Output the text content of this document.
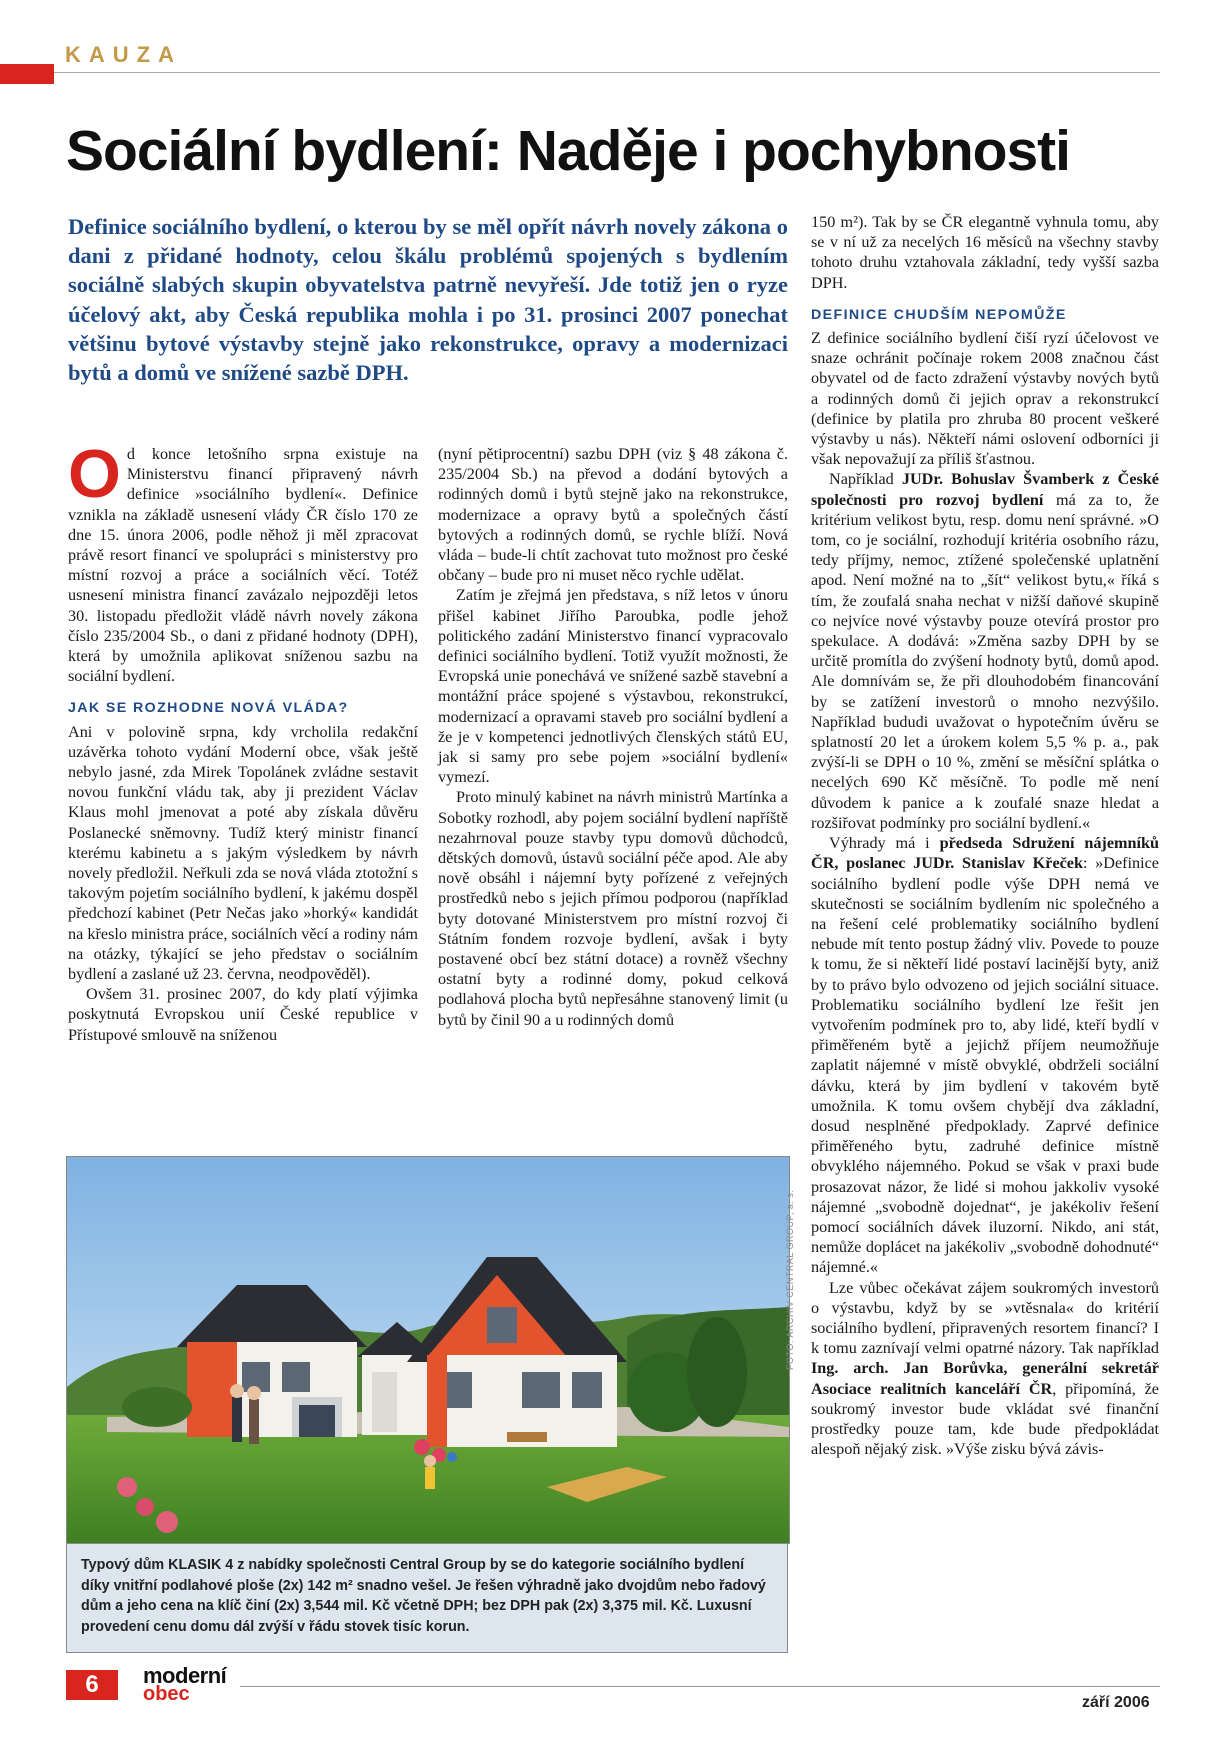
KAUZA
Sociální bydlení: Naděje i pochybnosti
Definice sociálního bydlení, o kterou by se měl opřít návrh novely zákona o dani z přidané hodnoty, celou škálu problémů spojených s bydlením sociálně slabých skupin obyvatelstva patrně nevyřeší. Jde totiž jen o ryze účelový akt, aby Česká republika mohla i po 31. prosinci 2007 ponechat většinu bytové výstavby stejně jako rekonstrukce, opravy a modernizaci bytů a domů ve snížené sazbě DPH.
O d konce letošního srpna existuje na Ministerstvu financí připravený návrh definice »sociálního bydlení«. Definice vznikla na základě usnesení vlády ČR číslo 170 ze dne 15. února 2006, podle něhož ji měl zpracovat právě resort financí ve spolupráci s ministerstvy pro místní rozvoj a práce a sociálních věcí. Totéž usnesení ministra financí zavázalo nejpozději letos 30. listopadu předložit vládě návrh novely zákona číslo 235/2004 Sb., o dani z přidané hodnoty (DPH), která by umožnila aplikovat sníženou sazbu na sociální bydlení.

JAK SE ROZHODNE NOVÁ VLÁDA?

Ani v polovině srpna, kdy vrcholila redakční uzávěrka tohoto vydání Moderní obce, však ještě nebylo jasné, zda Mirek Topolánek zvládne sestavit novou funkční vládu tak, aby ji prezident Václav Klaus mohl jmenovat a poté aby získala důvěru Poslanecké sněmovny. Tudíž který ministr financí kterému kabinetu a s jakým výsledkem by návrh novely předložil. Neřkuli zda se nová vláda ztotožní s takovým pojetím sociálního bydlení, k jakému dospěl předchozí kabinet (Petr Nečas jako »horký« kandidát na křeslo ministra práce, sociálních věcí a rodiny nám na otázky, týkající se jeho představ o sociálním bydlení a zaslané už 23. června, neodpověděl).

Ovšem 31. prosinec 2007, do kdy platí výjimka poskytnutá Evropskou unií České republice v Přístupové smlouvě na sníženou

(nyní pětiprocentní) sazbu DPH (viz § 48 zákona č. 235/2004 Sb.) na převod a dodání bytových a rodinných domů i bytů stejně jako na rekonstrukce, modernizace a opravy bytů a společných částí bytových a rodinných domů, se rychle blíží. Nová vláda – bude-li chtít zachovat tuto možnost pro české občany – bude pro ni muset něco rychle udělat.

Zatím je zřejmá jen představa, s níž letos v únoru přišel kabinet Jiřího Paroubka, podle jehož politického zadání Ministerstvo financí vypracovalo definici sociálního bydlení. Totiž využít možnosti, že Evropská unie ponechává ve snížené sazbě stavební a montážní práce spojené s výstavbou, rekonstrukcí, modernizací a opravami staveb pro sociální bydlení a že je v kompetenci jednotlivých členských států EU, jak si samy pro sebe pojem »sociální bydlení« vymezí.

Proto minulý kabinet na návrh ministrů Martínka a Sobotky rozhodl, aby pojem sociální bydlení napříště nezahrnoval pouze stavby typu domovů důchodců, dětských domovů, ústavů sociální péče apod. Ale aby nově obsáhl i nájemní byty pořízené z veřejných prostředků nebo s jejich přímou podporou (například byty dotované Ministerstvem pro místní rozvoj či Státním fondem rozvoje bydlení, avšak i byty postavené obcí bez státní dotace) a rovněž všechny ostatní byty a rodinné domy, pokud celková podlahová plocha bytů nepřesáhne stanovený limit (u bytů by činil 90 a u rodinných domů

150 m²). Tak by se ČR elegantně vyhnula tomu, aby se v ní už za necelých 16 měsíců na všechny stavby tohoto druhu vztahovala základní, tedy vyšší sazba DPH.

DEFINICE CHUDŠÍM NEPOMŮŽE

Z definice sociálního bydlení čiší ryzí účelovost ve snaze ochránit počínaje rokem 2008 značnou část obyvatel od de facto zdražení výstavby nových bytů a rodinných domů či jejich oprav a rekonstrukcí (definice by platila pro zhruba 80 procent veškeré výstavby u nás). Někteří námi oslovení odborníci ji však nepovažují za příliš šťastnou.

Například JUDr. Bohuslav Švamberk z České společnosti pro rozvoj bydlení má za to, že kritérium velikost bytu, resp. domu není správné. »O tom, co je sociální, rozhodují kritéria osobního rázu, tedy příjmy, nemoc, ztížené společenské uplatnění apod. Není možné na to „šít“ velikost bytu,« říká s tím, že zoufalá snaha nechat v nižší daňové skupině co nejvíce nové výstavby pouze otevírá prostor pro spekulace. A dodává: »Změna sazby DPH by se určitě promítla do zvýšení hodnoty bytů, domů apod. Ale domnívám se, že při dlouhodobém financování by se zatížení investorů o mnoho nezvýšilo. Například bududi uvažovat o hypotečním úvěru se splatností 20 let a úrokem kolem 5,5 % p. a., pak zvýší-li se DPH o 10 %, změní se měsíční splátka o necelých 690 Kč měsíčně. To podle mě není důvodem k panice a k zoufalé snaze hledat a rozšiřovat podmínky pro sociální bydlení.«

Výhrady má i předseda Sdružení nájemníků ČR, poslanec JUDr. Stanislav Křeček: »Definice sociálního bydlení podle výše DPH nemá ve skutečnosti se sociálním bydlením nic společného a na řešení celé problematiky sociálního bydlení nebude mít tento postup žádný vliv. Povede to pouze k tomu, že si někteří lidé postaví lacinější byty, aniž by to právo bylo odvozeno od jejich sociální situace. Problematiku sociálního bydlení lze řešit jen vytvořením podmínek pro to, aby lidé, kteří bydlí v přiměřeném bytě a jejichž příjem neumožňuje zaplatit nájemné v místě obvyklé, obdrželi sociální dávku, která by jim bydlení v takovém bytě umožnila. K tomu ovšem chybějí dva základní, dosud nesplněné předpoklady. Zaprvé definice přiměřeného bytu, zadruhé definice místně obvyklého nájemného. Pokud se však v praxi bude prosazovat názor, že lidé si mohou jakkoliv vysoké nájemné „svobodně dojednat“, je jakékoliv řešení pomocí sociálních dávek iluzorní. Nikdo, ani stát, nemůže doplácet na jakékoliv „svobodně dohodnuté“ nájemné.«

Lze vůbec očekávat zájem soukromých investorů o výstavbu, když by se »vtěsnala« do kritérií sociálního bydlení, připravených resortem financí? I k tomu zaznívají velmi opatrné názory. Tak například Ing. arch. Jan Borůvka, generální sekretář Asociace realitních kanceláří ČR, připomíná, že soukromý investor bude vkládat své finanční prostředky pouze tam, kde bude předpokládat alespoň nějaký zisk. »Výše zisku bývá závis-

FOTO: ARCHIV CENTRAL GROUP, a. s.
Typový dům KLASIK 4 z nabídky společnosti Central Group by se do kategorie sociálního bydlení díky vnitřní podlahové ploše (2x) 142 m² snadno vešel. Je řešen výhradně jako dvojdům nebo řadový dům a jeho cena na klíč činí (2x) 3,544 mil. Kč včetně DPH; bez DPH pak (2x) 3,375 mil. Kč. Luxusní provedení cenu domu dál zvýší v řádu stovek tisíc korun.
6	moderní
obec	září 2006
